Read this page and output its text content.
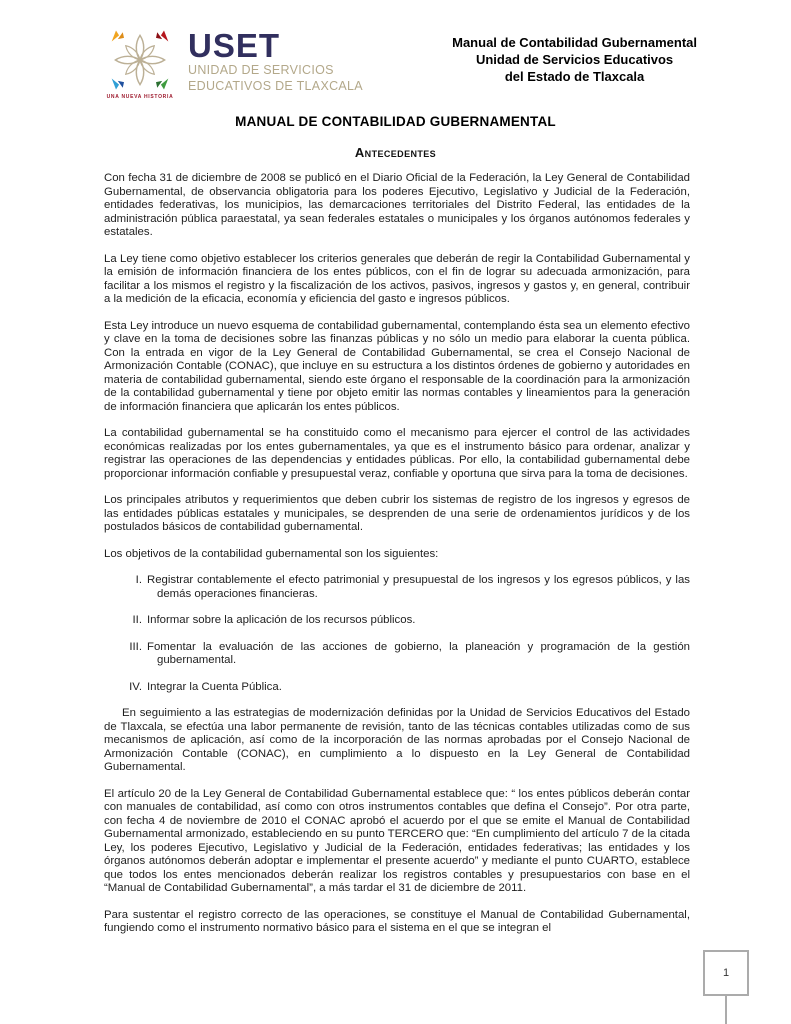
UNA NUEVA HISTORIA
USET
UNIDAD DE SERVICIOS
EDUCATIVOS DE TLAXCALA
Manual de Contabilidad Gubernamental
Unidad de Servicios Educativos
del Estado de Tlaxcala
MANUAL DE CONTABILIDAD GUBERNAMENTAL
Antecedentes

Con fecha 31 de diciembre de 2008 se publicó en el Diario Oficial de la Federación, la Ley General de Contabilidad Gubernamental, de observancia obligatoria para los poderes Ejecutivo, Legislativo y Judicial de la Federación, entidades federativas, los municipios, las demarcaciones territoriales del Distrito Federal, las entidades de la administración pública paraestatal, ya sean federales estatales o municipales y los órganos autónomos federales y estatales.

La Ley tiene como objetivo establecer los criterios generales que deberán de regir la Contabilidad Gubernamental y la emisión de información financiera de los entes públicos, con el fin de lograr su adecuada armonización, para facilitar a los mismos el registro y la fiscalización de los activos, pasivos, ingresos y gastos y, en general, contribuir a la medición de la eficacia, economía y eficiencia del gasto e ingresos públicos.

Esta Ley introduce un nuevo esquema de contabilidad gubernamental, contemplando ésta sea un elemento efectivo y clave en la toma de decisiones sobre las finanzas públicas y no sólo un medio para elaborar la cuenta pública. Con la entrada en vigor de la Ley General de Contabilidad Gubernamental, se crea el Consejo Nacional de Armonización Contable (CONAC), que incluye en su estructura a los distintos órdenes de gobierno y autoridades en materia de contabilidad gubernamental, siendo este órgano el responsable de la coordinación para la armonización de la contabilidad gubernamental y tiene por objeto emitir las normas contables y lineamientos para la generación de información financiera que aplicarán los entes públicos.

La contabilidad gubernamental se ha constituido como el mecanismo para ejercer el control de las actividades económicas realizadas por los entes gubernamentales, ya que es el instrumento básico para ordenar, analizar y registrar las operaciones de las dependencias y entidades públicas. Por ello, la contabilidad gubernamental debe proporcionar información confiable y presupuestal veraz, confiable y oportuna que sirva para la toma de decisiones.

Los principales atributos y requerimientos que deben cubrir los sistemas de registro de los ingresos y egresos de las entidades públicas estatales y municipales, se desprenden de una serie de ordenamientos jurídicos y de los postulados básicos de contabilidad gubernamental.

Los objetivos de la contabilidad gubernamental son los siguientes:

I. Registrar contablemente el efecto patrimonial y presupuestal de los ingresos y los egresos públicos, y las demás operaciones financieras.
II. Informar sobre la aplicación de los recursos públicos.
III. Fomentar la evaluación de las acciones de gobierno, la planeación y programación de la gestión gubernamental.
IV. Integrar la Cuenta Pública.

En seguimiento a las estrategias de modernización definidas por la Unidad de Servicios Educativos del Estado de Tlaxcala, se efectúa una labor permanente de revisión, tanto de las técnicas contables utilizadas como de sus mecanismos de aplicación, así como de la incorporación de las normas aprobadas por el Consejo Nacional de Armonización Contable (CONAC), en cumplimiento a lo dispuesto en la Ley General de Contabilidad Gubernamental.

El artículo 20 de la Ley General de Contabilidad Gubernamental establece que: “ los entes públicos deberán contar con manuales de contabilidad, así como con otros instrumentos contables que defina el Consejo”. Por otra parte, con fecha 4 de noviembre de 2010 el CONAC aprobó el acuerdo por el que se emite el Manual de Contabilidad Gubernamental armonizado, estableciendo en su punto TERCERO que: “En cumplimiento del artículo 7 de la citada Ley, los poderes Ejecutivo, Legislativo y Judicial de la Federación, entidades federativas; las entidades y los órganos autónomos deberán adoptar e implementar el presente acuerdo” y mediante el punto CUARTO, establece que todos los entes mencionados deberán realizar los registros contables y presupuestarios con base en el “Manual de Contabilidad Gubernamental”, a más tardar el 31 de diciembre de 2011.

Para sustentar el registro correcto de las operaciones, se constituye el Manual de Contabilidad Gubernamental, fungiendo como el instrumento normativo básico para el sistema en el que se integran el

1
